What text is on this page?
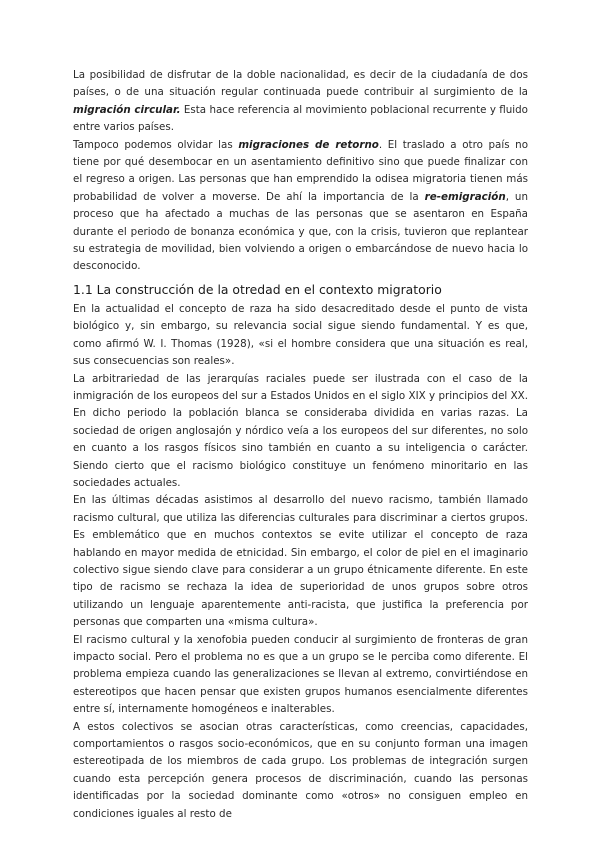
La posibilidad de disfrutar de la doble nacionalidad, es decir de la ciudadanía de dos países, o de una situación regular continuada puede contribuir al surgimiento de la migración circular. Esta hace referencia al movimiento poblacional recurrente y fluido entre varios países.

Tampoco podemos olvidar las migraciones de retorno. El traslado a otro país no tiene por qué desembocar en un asentamiento definitivo sino que puede finalizar con el regreso a origen. Las personas que han emprendido la odisea migratoria tienen más probabilidad de volver a moverse. De ahí la importancia de la re-emigración, un proceso que ha afectado a muchas de las personas que se asentaron en España durante el periodo de bonanza económica y que, con la crisis, tuvieron que replantear su estrategia de movilidad, bien volviendo a origen o embarcándose de nuevo hacia lo desconocido.

1.1 La construcción de la otredad en el contexto migratorio

En la actualidad el concepto de raza ha sido desacreditado desde el punto de vista biológico y, sin embargo, su relevancia social sigue siendo fundamental. Y es que, como afirmó W. I. Thomas (1928), «si el hombre considera que una situación es real, sus consecuencias son reales».

La arbitrariedad de las jerarquías raciales puede ser ilustrada con el caso de la inmigración de los europeos del sur a Estados Unidos en el siglo XIX y principios del XX. En dicho periodo la población blanca se consideraba dividida en varias razas. La sociedad de origen anglosajón y nórdico veía a los europeos del sur diferentes, no solo en cuanto a los rasgos físicos sino también en cuanto a su inteligencia o carácter. Siendo cierto que el racismo biológico constituye un fenómeno minoritario en las sociedades actuales.

En las últimas décadas asistimos al desarrollo del nuevo racismo, también llamado racismo cultural, que utiliza las diferencias culturales para discriminar a ciertos grupos. Es emblemático que en muchos contextos se evite utilizar el concepto de raza hablando en mayor medida de etnicidad. Sin embargo, el color de piel en el imaginario colectivo sigue siendo clave para considerar a un grupo étnicamente diferente. En este tipo de racismo se rechaza la idea de superioridad de unos grupos sobre otros utilizando un lenguaje aparentemente anti-racista, que justifica la preferencia por personas que comparten una «misma cultura».

El racismo cultural y la xenofobia pueden conducir al surgimiento de fronteras de gran impacto social. Pero el problema no es que a un grupo se le perciba como diferente. El problema empieza cuando las generalizaciones se llevan al extremo, convirtiéndose en estereotipos que hacen pensar que existen grupos humanos esencialmente diferentes entre sí, internamente homogéneos e inalterables.

A estos colectivos se asocian otras características, como creencias, capacidades, comportamientos o rasgos socio-económicos, que en su conjunto forman una imagen estereotipada de los miembros de cada grupo. Los problemas de integración surgen cuando esta percepción genera procesos de discriminación, cuando las personas identificadas por la sociedad dominante como «otros» no consiguen empleo en condiciones iguales al resto de
